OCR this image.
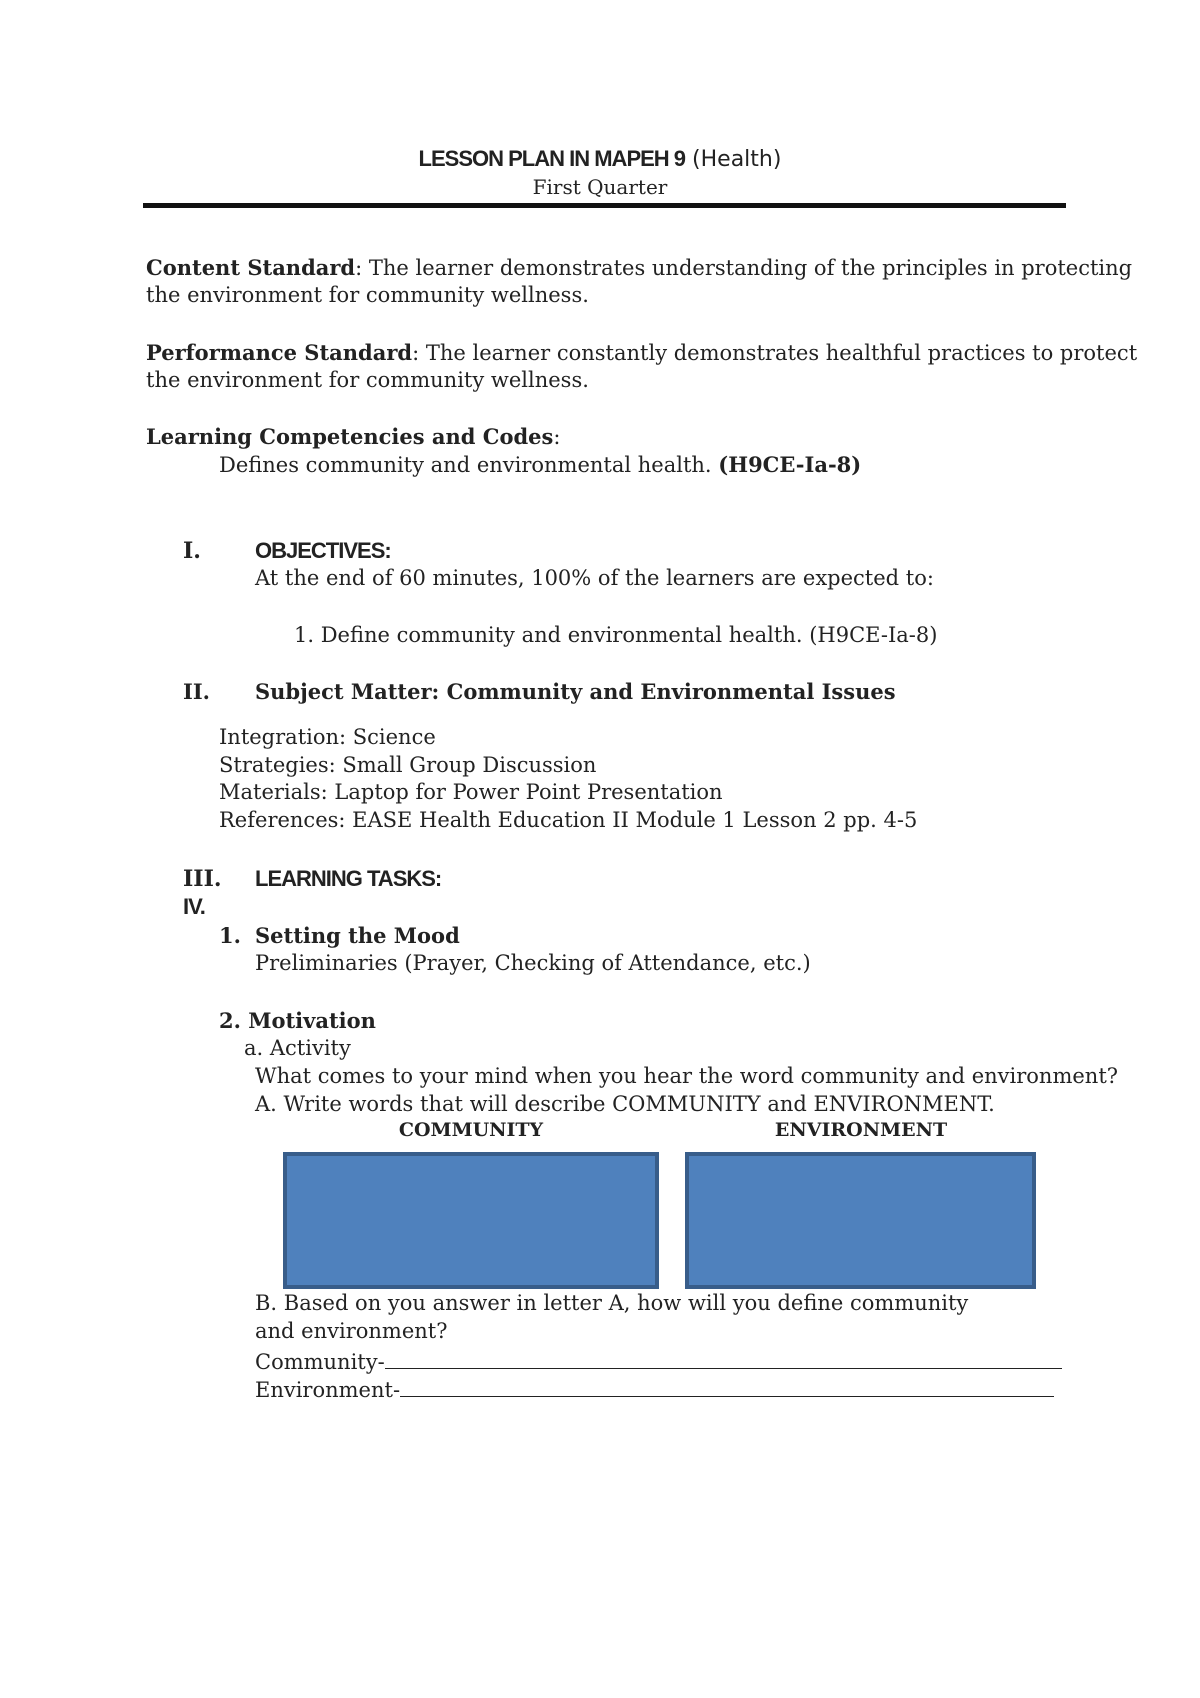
LESSON PLAN IN MAPEH 9 (Health)
First Quarter
Content Standard: The learner demonstrates understanding of the principles in protecting
the environment for community wellness.
Performance Standard: The learner constantly demonstrates healthful practices to protect
the environment for community wellness.
Learning Competencies and Codes:
Defines community and environmental health. (H9CE-Ia-8)
I. OBJECTIVES:
At the end of 60 minutes, 100% of the learners are expected to:
1. Define community and environmental health. (H9CE-Ia-8)
II. Subject Matter: Community and Environmental Issues
Integration: Science
Strategies: Small Group Discussion
Materials: Laptop for Power Point Presentation
References: EASE Health Education II Module 1 Lesson 2 pp. 4-5
III. LEARNING TASKS:
IV.
1. Setting the Mood
Preliminaries (Prayer, Checking of Attendance, etc.)
2. Motivation
a. Activity
What comes to your mind when you hear the word community and environment?
A. Write words that will describe COMMUNITY and ENVIRONMENT.
COMMUNITY	ENVIRONMENT
B. Based on you answer in letter A, how will you define community
and environment?
Community-
Environment-
